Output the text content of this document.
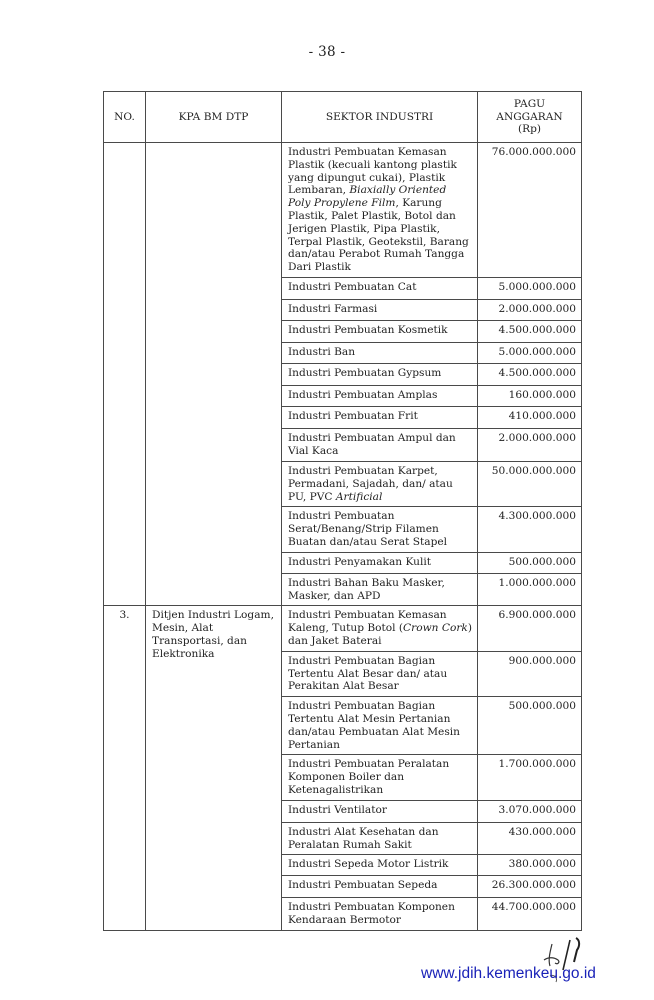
- 38 -
NO.	KPA BM DTP	SEKTOR INDUSTRI	PAGU
ANGGARAN
(Rp)

		Industri Pembuatan Kemasan Plastik (kecuali kantong plastik yang dipungut cukai), Plastik Lembaran, Biaxially Oriented Poly Propylene Film, Karung Plastik, Palet Plastik, Botol dan Jerigen Plastik, Pipa Plastik, Terpal Plastik, Geotekstil, Barang dan/atau Perabot Rumah Tangga Dari Plastik	76.000.000.000
		Industri Pembuatan Cat	5.000.000.000
		Industri Farmasi	2.000.000.000
		Industri Pembuatan Kosmetik	4.500.000.000
		Industri Ban	5.000.000.000
		Industri Pembuatan Gypsum	4.500.000.000
		Industri Pembuatan Amplas	160.000.000
		Industri Pembuatan Frit	410.000.000
		Industri Pembuatan Ampul dan Vial Kaca	2.000.000.000
		Industri Pembuatan Karpet, Permadani, Sajadah, dan/ atau PU, PVC Artificial	50.000.000.000
		Industri Pembuatan Serat/Benang/Strip Filamen Buatan dan/atau Serat Stapel	4.300.000.000
		Industri Penyamakan Kulit	500.000.000
		Industri Bahan Baku Masker, Masker, dan APD	1.000.000.000
3.	Ditjen Industri Logam, Mesin, Alat Transportasi, dan Elektronika	Industri Pembuatan Kemasan Kaleng, Tutup Botol (Crown Cork) dan Jaket Baterai	6.900.000.000
		Industri Pembuatan Bagian Tertentu Alat Besar dan/ atau Perakitan Alat Besar	900.000.000
		Industri Pembuatan Bagian Tertentu Alat Mesin Pertanian dan/atau Pembuatan Alat Mesin Pertanian	500.000.000
		Industri Pembuatan Peralatan Komponen Boiler dan Ketenagalistrikan	1.700.000.000
		Industri Ventilator	3.070.000.000
		Industri Alat Kesehatan dan Peralatan Rumah Sakit	430.000.000
		Industri Sepeda Motor Listrik	380.000.000
		Industri Pembuatan Sepeda	26.300.000.000
		Industri Pembuatan Komponen Kendaraan Bermotor	44.700.000.000
www.jdih.kemenkeu.go.id
